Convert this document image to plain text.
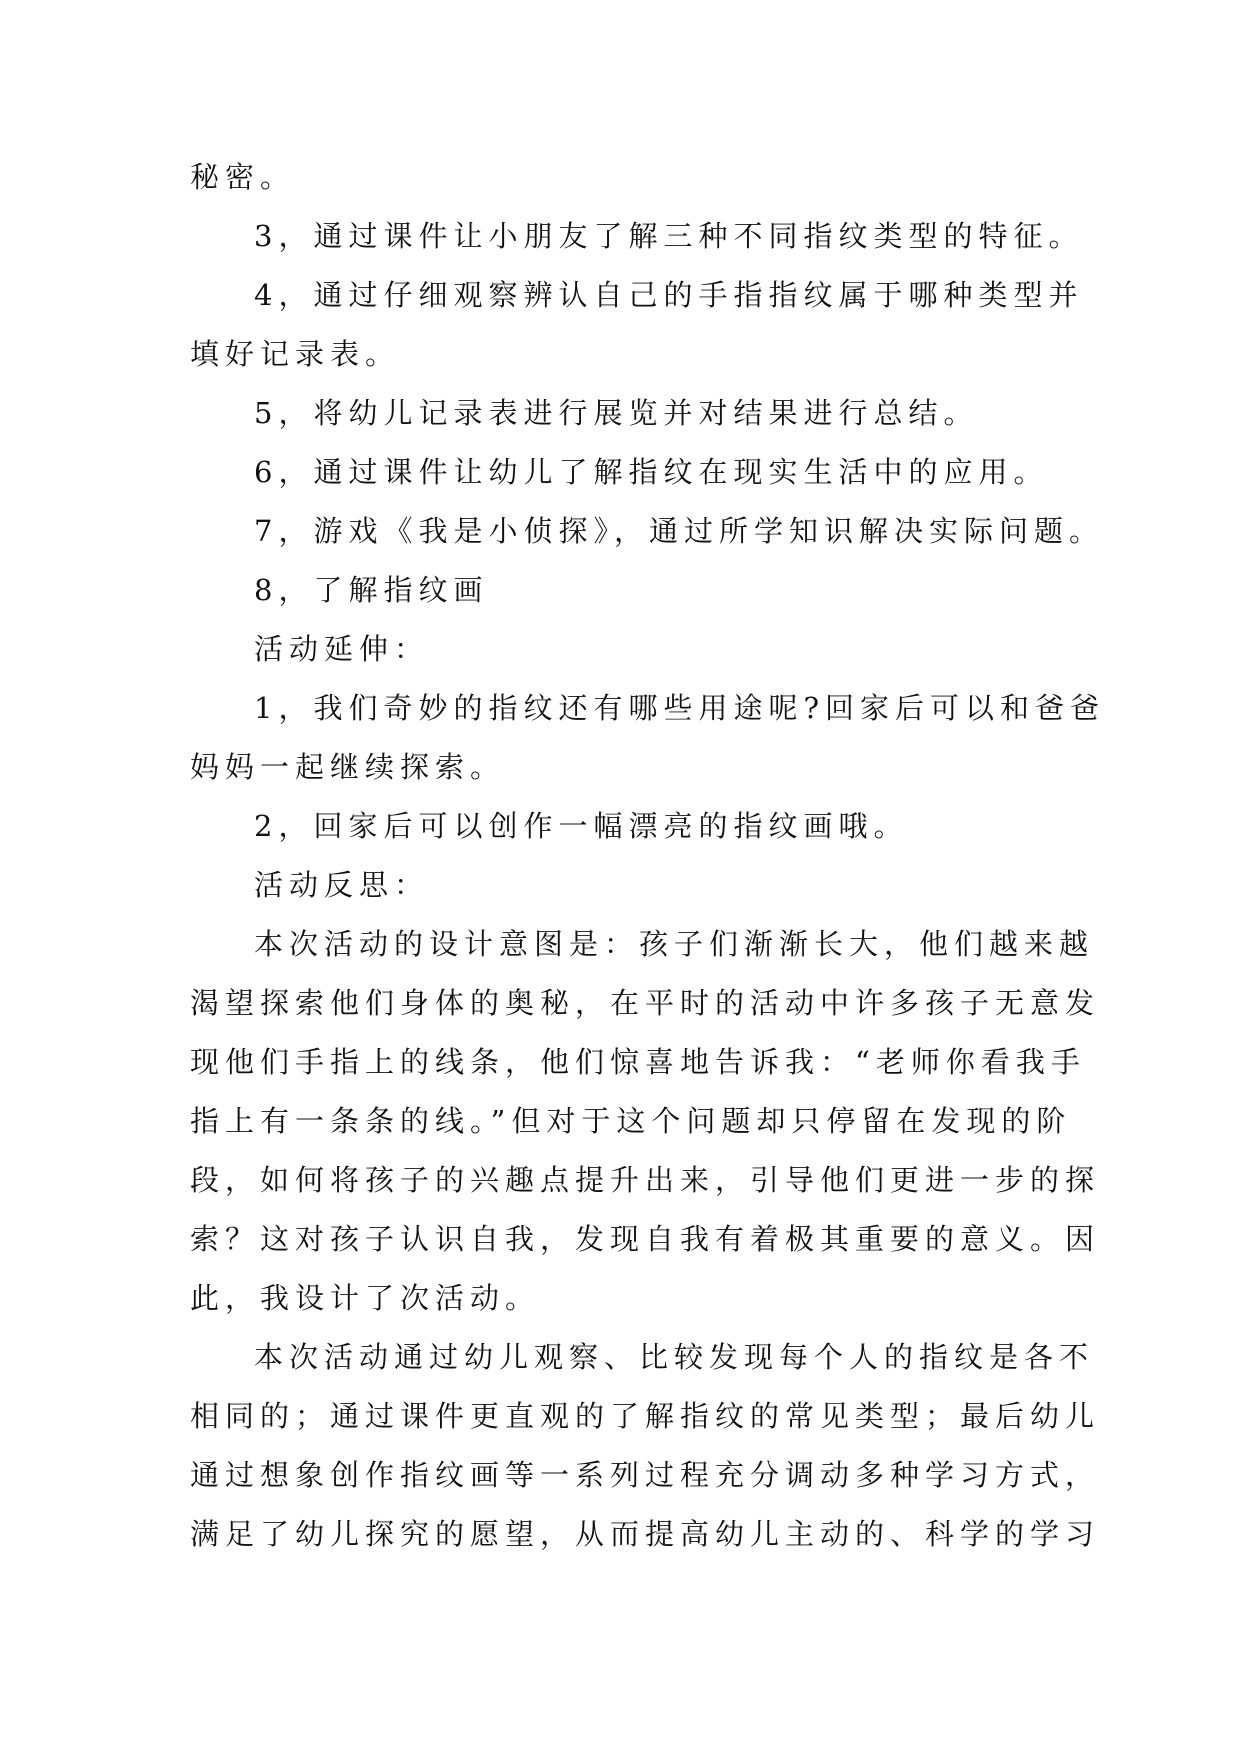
秘密。
3，通过课件让小朋友了解三种不同指纹类型的特征。
4，通过仔细观察辨认自己的手指指纹属于哪种类型并
填好记录表。
5，将幼儿记录表进行展览并对结果进行总结。
6，通过课件让幼儿了解指纹在现实生活中的应用。
7，游戏《我是小侦探》，通过所学知识解决实际问题。
8，了解指纹画
活动延伸：
1，我们奇妙的指纹还有哪些用途呢?回家后可以和爸爸
妈妈一起继续探索。
2，回家后可以创作一幅漂亮的指纹画哦。
活动反思：
本次活动的设计意图是：孩子们渐渐长大，他们越来越
渴望探索他们身体的奥秘，在平时的活动中许多孩子无意发
现他们手指上的线条，他们惊喜地告诉我：“老师你看我手
指上有一条条的线。”但对于这个问题却只停留在发现的阶
段，如何将孩子的兴趣点提升出来，引导他们更进一步的探
索？这对孩子认识自我，发现自我有着极其重要的意义。因
此，我设计了次活动。
本次活动通过幼儿观察、比较发现每个人的指纹是各不
相同的；通过课件更直观的了解指纹的常见类型；最后幼儿
通过想象创作指纹画等一系列过程充分调动多种学习方式，
满足了幼儿探究的愿望，从而提高幼儿主动的、科学的学习
